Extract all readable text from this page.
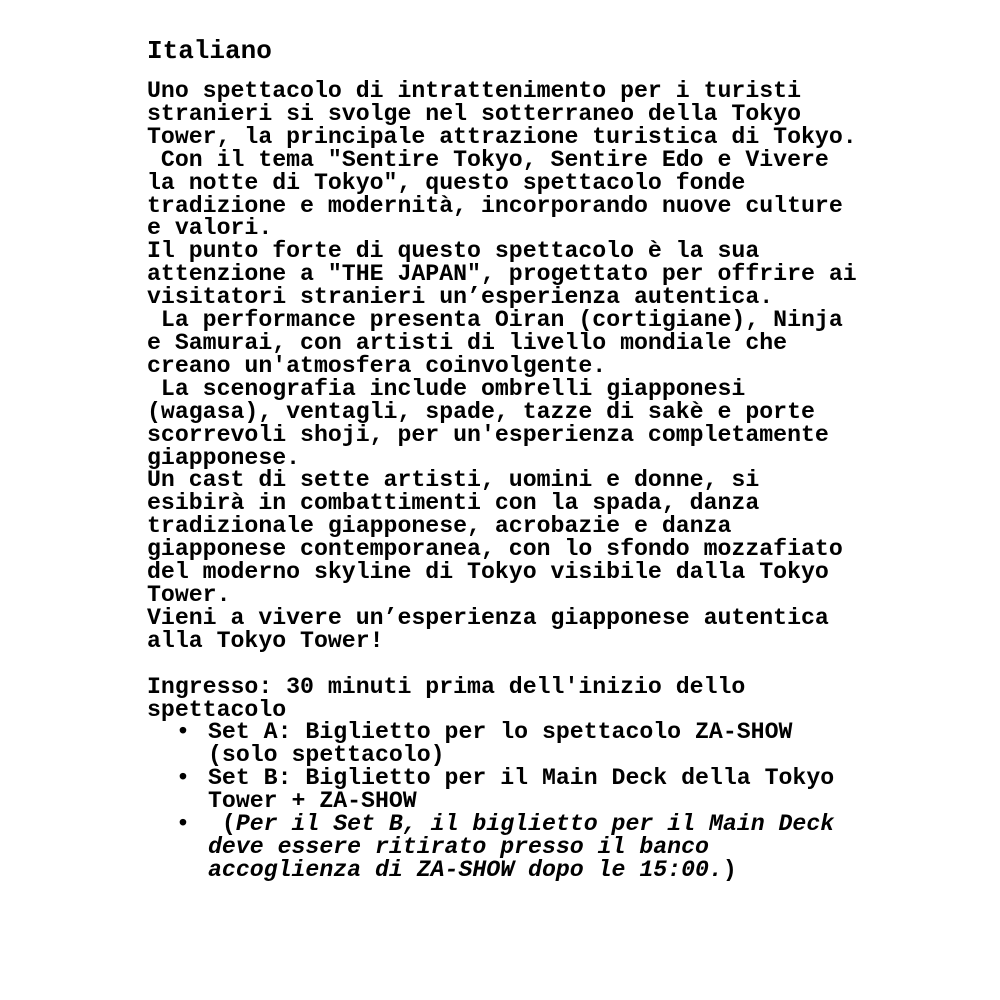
Italiano

Uno spettacolo di intrattenimento per i turisti stranieri si svolge nel sotterraneo della Tokyo Tower, la principale attrazione turistica di Tokyo.

Con il tema "Sentire Tokyo, Sentire Edo e Vivere la notte di Tokyo", questo spettacolo fonde tradizione e modernità, incorporando nuove culture e valori.

Il punto forte di questo spettacolo è la sua attenzione a "THE JAPAN", progettato per offrire ai visitatori stranieri un’esperienza autentica.

La performance presenta Oiran (cortigiane), Ninja e Samurai, con artisti di livello mondiale che creano un'atmosfera coinvolgente.

La scenografia include ombrelli giapponesi (wagasa), ventagli, spade, tazze di sakè e porte scorrevoli shoji, per un'esperienza completamente giapponese.

Un cast di sette artisti, uomini e donne, si esibirà in combattimenti con la spada, danza tradizionale giapponese, acrobazie e danza giapponese contemporanea, con lo sfondo mozzafiato del moderno skyline di Tokyo visibile dalla Tokyo Tower.

Vieni a vivere un’esperienza giapponese autentica alla Tokyo Tower!

Ingresso: 30 minuti prima dell'inizio dello spettacolo

• Set A: Biglietto per lo spettacolo ZA-SHOW (solo spettacolo)
• Set B: Biglietto per il Main Deck della Tokyo Tower + ZA-SHOW
•  (Per il Set B, il biglietto per il Main Deck deve essere ritirato presso il banco accoglienza di ZA-SHOW dopo le 15:00.)
